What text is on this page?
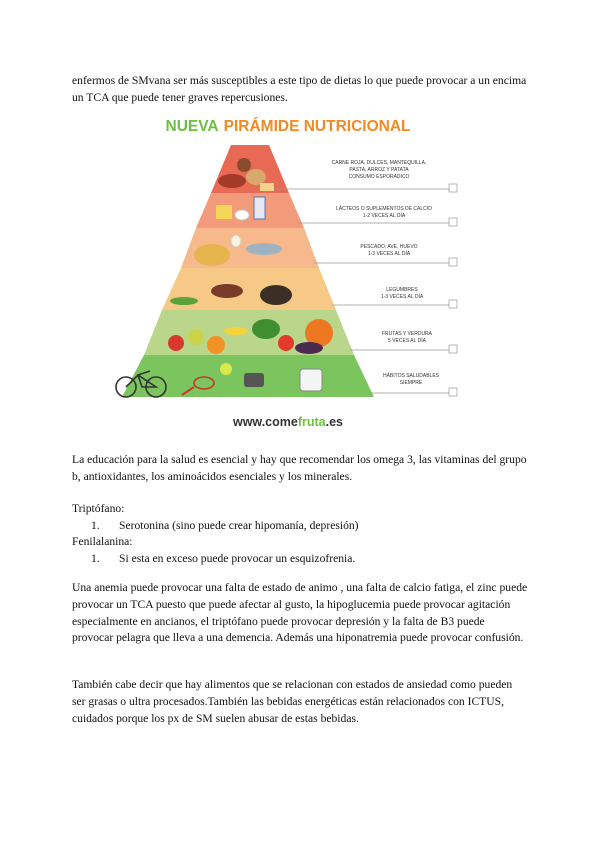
enfermos de SMvana ser más susceptibles a este tipo de dietas lo que puede provocar a un encima un TCA que puede tener graves repercusiones.

NUEVA PIRÁMIDE NUTRICIONAL
CARNE ROJA, DULCES, MANTEQUILLA,
PASTA, ARROZ Y PATATA
CONSUMO ESPORÁDICO
LÁCTEOS O SUPLEMENTOS DE CALCIO
1-2 VECES AL DÍA
PESCADO, AVE, HUEVO
1-3 VECES AL DÍA
LEGUMBRES
1-3 VECES AL DÍA
FRUTAS Y VERDURA
5 VECES AL DÍA
HÁBITOS SALUDABLES
SIEMPRE
www.comefruta.es

La educación para la salud es esencial y hay que recomendar los omega 3, las vitaminas del grupo b, antioxidantes, los aminoácidos esenciales y los minerales.

Triptófano:
1.	Serotonina (sino puede crear hipomanía, depresión)
Fenilalanina:
1.	Si esta en exceso puede provocar un esquizofrenia.

Una anemia puede provocar una falta de estado de animo , una falta de calcio fatiga, el zinc puede provocar un TCA puesto que puede afectar al gusto, la hipoglucemia puede provocar agitación especialmente en ancianos, el triptófano puede provocar depresión y la falta de B3 puede provocar pelagra que lleva a una demencia. Además una hiponatremia puede provocar confusión.

También cabe decir que hay alimentos que se relacionan con estados de ansiedad como pueden ser grasas o ultra procesados.También las bebidas energéticas están relacionados con ICTUS, cuidados porque los px de SM suelen abusar de estas bebidas.
